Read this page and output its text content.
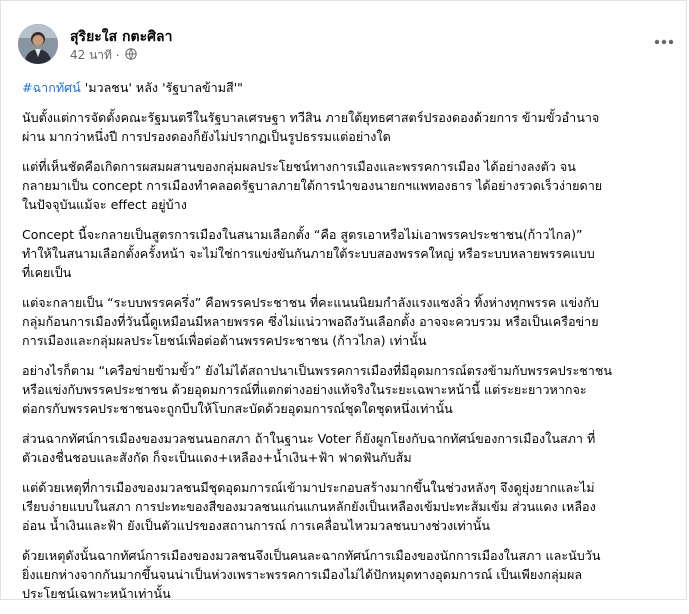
สุริยะใส กตะศิลา
42 นาที ·

#ฉากทัศน์ 'มวลชน' หลัง 'รัฐบาลข้ามสี'"

นับตั้งแต่การจัดตั้งคณะรัฐมนตรีในรัฐบาลเศรษฐา ทวีสิน ภายใต้ยุทธศาสตร์ปรองดองด้วยการ ข้ามขั้วอำนาจ
ผ่าน มากว่าหนึ่งปี การปรองดองก็ยังไม่ปรากฏเป็นรูปธรรมแต่อย่างใด

แต่ที่เห็นชัดคือเกิดการผสมผสานของกลุ่มผลประโยชน์ทางการเมืองและพรรคการเมือง ได้อย่างลงตัว จน
กลายมาเป็น concept การเมืองทำคลอดรัฐบาลภายใต้การนำของนายกฯแพทองธาร ได้อย่างรวดเร็วง่ายดาย
ในปัจจุบันแม้จะ effect อยู่บ้าง

Concept นี้จะกลายเป็นสูตรการเมืองในสนามเลือกตั้ง “คือ สูตรเอาหรือไม่เอาพรรคประชาชน(ก้าวไกล)”
ทำให้ในสนามเลือกตั้งครั้งหน้า จะไม่ใช่การแข่งขันกันภายใต้ระบบสองพรรคใหญ่ หรือระบบหลายพรรคแบบ
ที่เคยเป็น

แต่จะกลายเป็น “ระบบพรรคครึ่ง” คือพรรคประชาชน ที่คะแนนนิยมกำลังแรงแซงลิ่ว ทิ้งห่างทุกพรรค แข่งกับ
กลุ่มก้อนการเมืองที่วันนี้ดูเหมือนมีหลายพรรค ซึ่งไม่แน่วาพอถึงวันเลือกตั้ง อาจจะควบรวม หรือเป็นเครือข่าย
การเมืองและกลุ่มผลประโยชน์เพื่อต่อต้านพรรคประชาชน (ก้าวไกล) เท่านั้น

อย่างไรก็ตาม “เครือข่ายข้ามขั้ว” ยังไม่ได้สถาปนาเป็นพรรคการเมืองที่มีอุดมการณ์ตรงข้ามกับพรรคประชาชน
หรือแข่งกับพรรคประชาชน ด้วยอุดมการณ์ที่แตกต่างอย่างแท้จริงในระยะเฉพาะหน้านี้ แต่ระยะยาวหากจะ
ต่อกรกับพรรคประชาชนจะถูกบีบให้โบกสะบัดด้วยอุดมการณ์ชุดใดชุดหนึ่งเท่านั้น

ส่วนฉากทัศน์การเมืองของมวลชนนอกสภา ถ้าในฐานะ Voter ก็ยังผูกโยงกับฉากทัศน์ของการเมืองในสภา ที่
ตัวเองชื่นชอบและสังกัด ก็จะเป็นแดง+เหลือง+น้ำเงิน+ฟ้า ฟาดฟันกับส้ม

แต่ด้วยเหตุที่การเมืองของมวลชนมีชุดอุดมการณ์เข้ามาประกอบสร้างมากขึ้นในช่วงหลังๆ จึงดูยุ่งยากและไม่
เรียบง่ายแบบในสภา การปะทะของสีของมวลชนแก่นแกนหลักยังเป็นเหลืองเข้มปะทะส้มเข้ม ส่วนแดง เหลือง
อ่อน น้ำเงินและฟ้า ยังเป็นตัวแปรของสถานการณ์ การเคลื่อนไหวมวลชนบางช่วงเท่านั้น

ด้วยเหตุดังนั้นฉากทัศน์การเมืองของมวลชนจึงเป็นคนละฉากทัศน์การเมืองของนักการเมืองในสภา และนับวัน
ยิ่งแยกห่างจากกันมากขึ้นจนน่าเป็นห่วงเพราะพรรคการเมืองไม่ได้ปักหมุดทางอุดมการณ์ เป็นเพียงกลุ่มผล
ประโยชน์เฉพาะหน้าเท่านั้น
